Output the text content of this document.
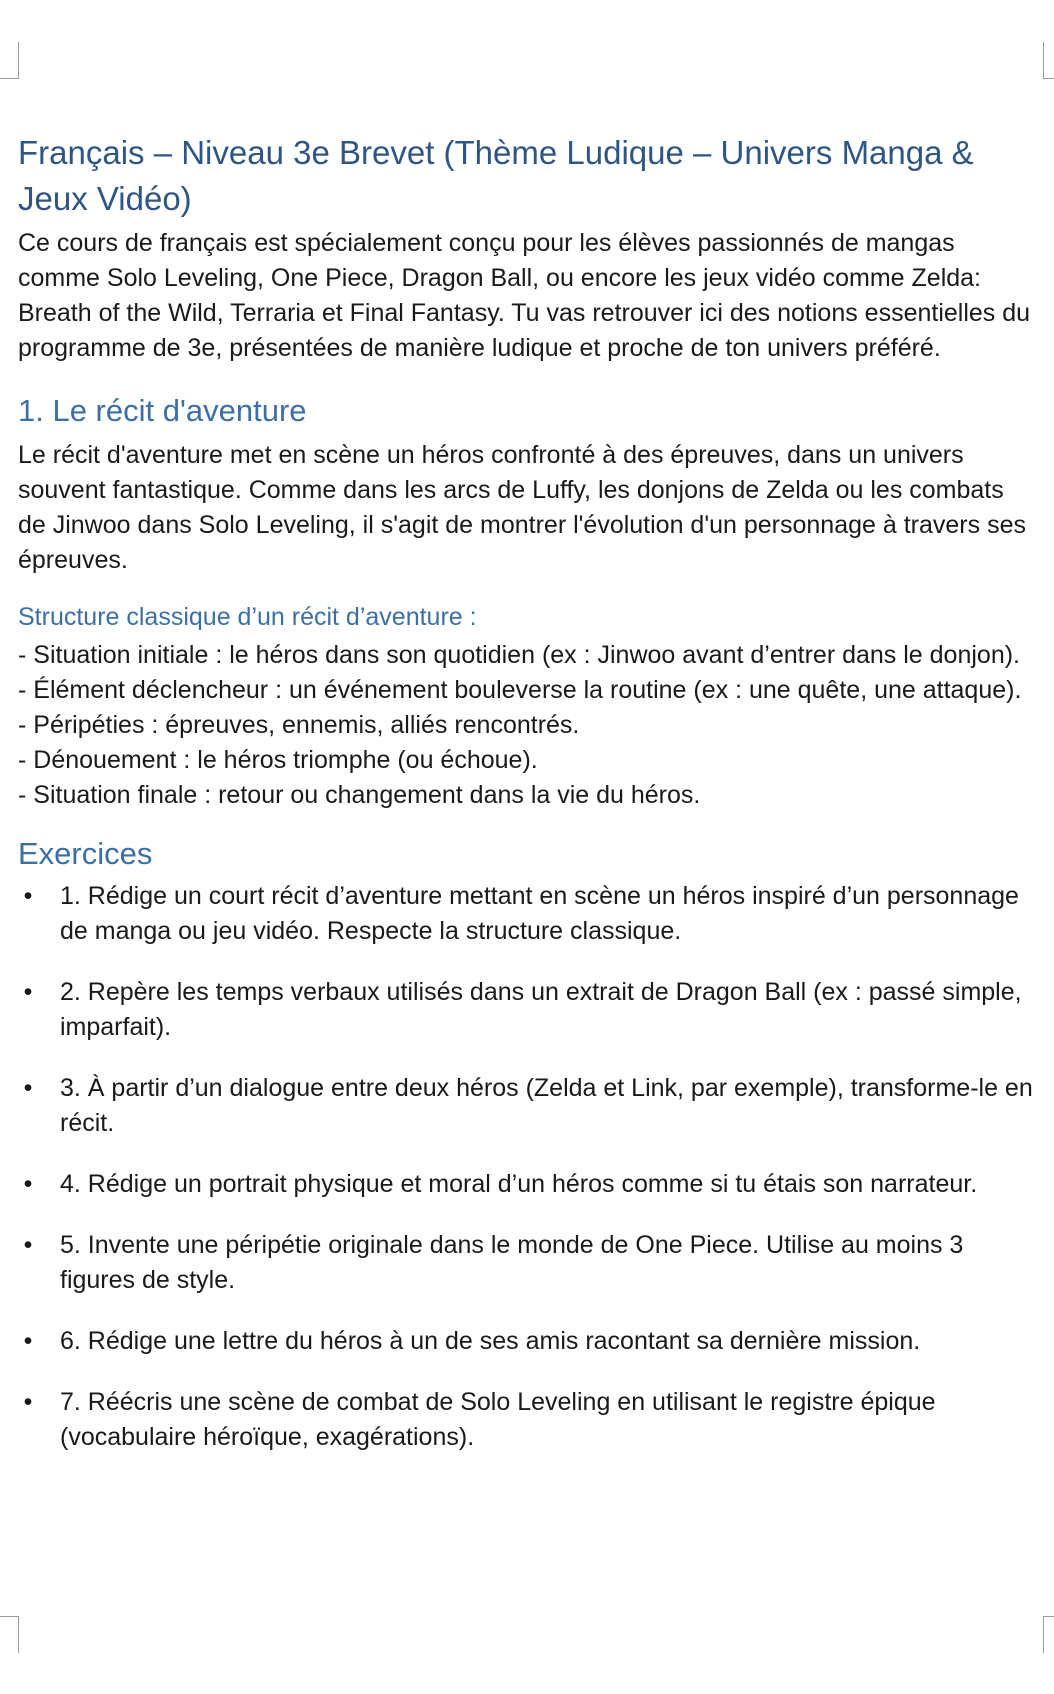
Français – Niveau 3e Brevet (Thème Ludique – Univers Manga & Jeux Vidéo)

Ce cours de français est spécialement conçu pour les élèves passionnés de mangas comme Solo Leveling, One Piece, Dragon Ball, ou encore les jeux vidéo comme Zelda: Breath of the Wild, Terraria et Final Fantasy. Tu vas retrouver ici des notions essentielles du programme de 3e, présentées de manière ludique et proche de ton univers préféré.

1. Le récit d'aventure

Le récit d'aventure met en scène un héros confronté à des épreuves, dans un univers souvent fantastique. Comme dans les arcs de Luffy, les donjons de Zelda ou les combats de Jinwoo dans Solo Leveling, il s'agit de montrer l'évolution d'un personnage à travers ses épreuves.

Structure classique d’un récit d’aventure :

- Situation initiale : le héros dans son quotidien (ex : Jinwoo avant d’entrer dans le donjon).

- Élément déclencheur : un événement bouleverse la routine (ex : une quête, une attaque).

- Péripéties : épreuves, ennemis, alliés rencontrés.

- Dénouement : le héros triomphe (ou échoue).

- Situation finale : retour ou changement dans la vie du héros.

Exercices
• 1. Rédige un court récit d’aventure mettant en scène un héros inspiré d’un personnage de manga ou jeu vidéo. Respecte la structure classique.
• 2. Repère les temps verbaux utilisés dans un extrait de Dragon Ball (ex : passé simple, imparfait).
• 3. À partir d’un dialogue entre deux héros (Zelda et Link, par exemple), transforme-le en récit.
• 4. Rédige un portrait physique et moral d’un héros comme si tu étais son narrateur.
• 5. Invente une péripétie originale dans le monde de One Piece. Utilise au moins 3 figures de style.
• 6. Rédige une lettre du héros à un de ses amis racontant sa dernière mission.
• 7. Réécris une scène de combat de Solo Leveling en utilisant le registre épique (vocabulaire héroïque, exagérations).
